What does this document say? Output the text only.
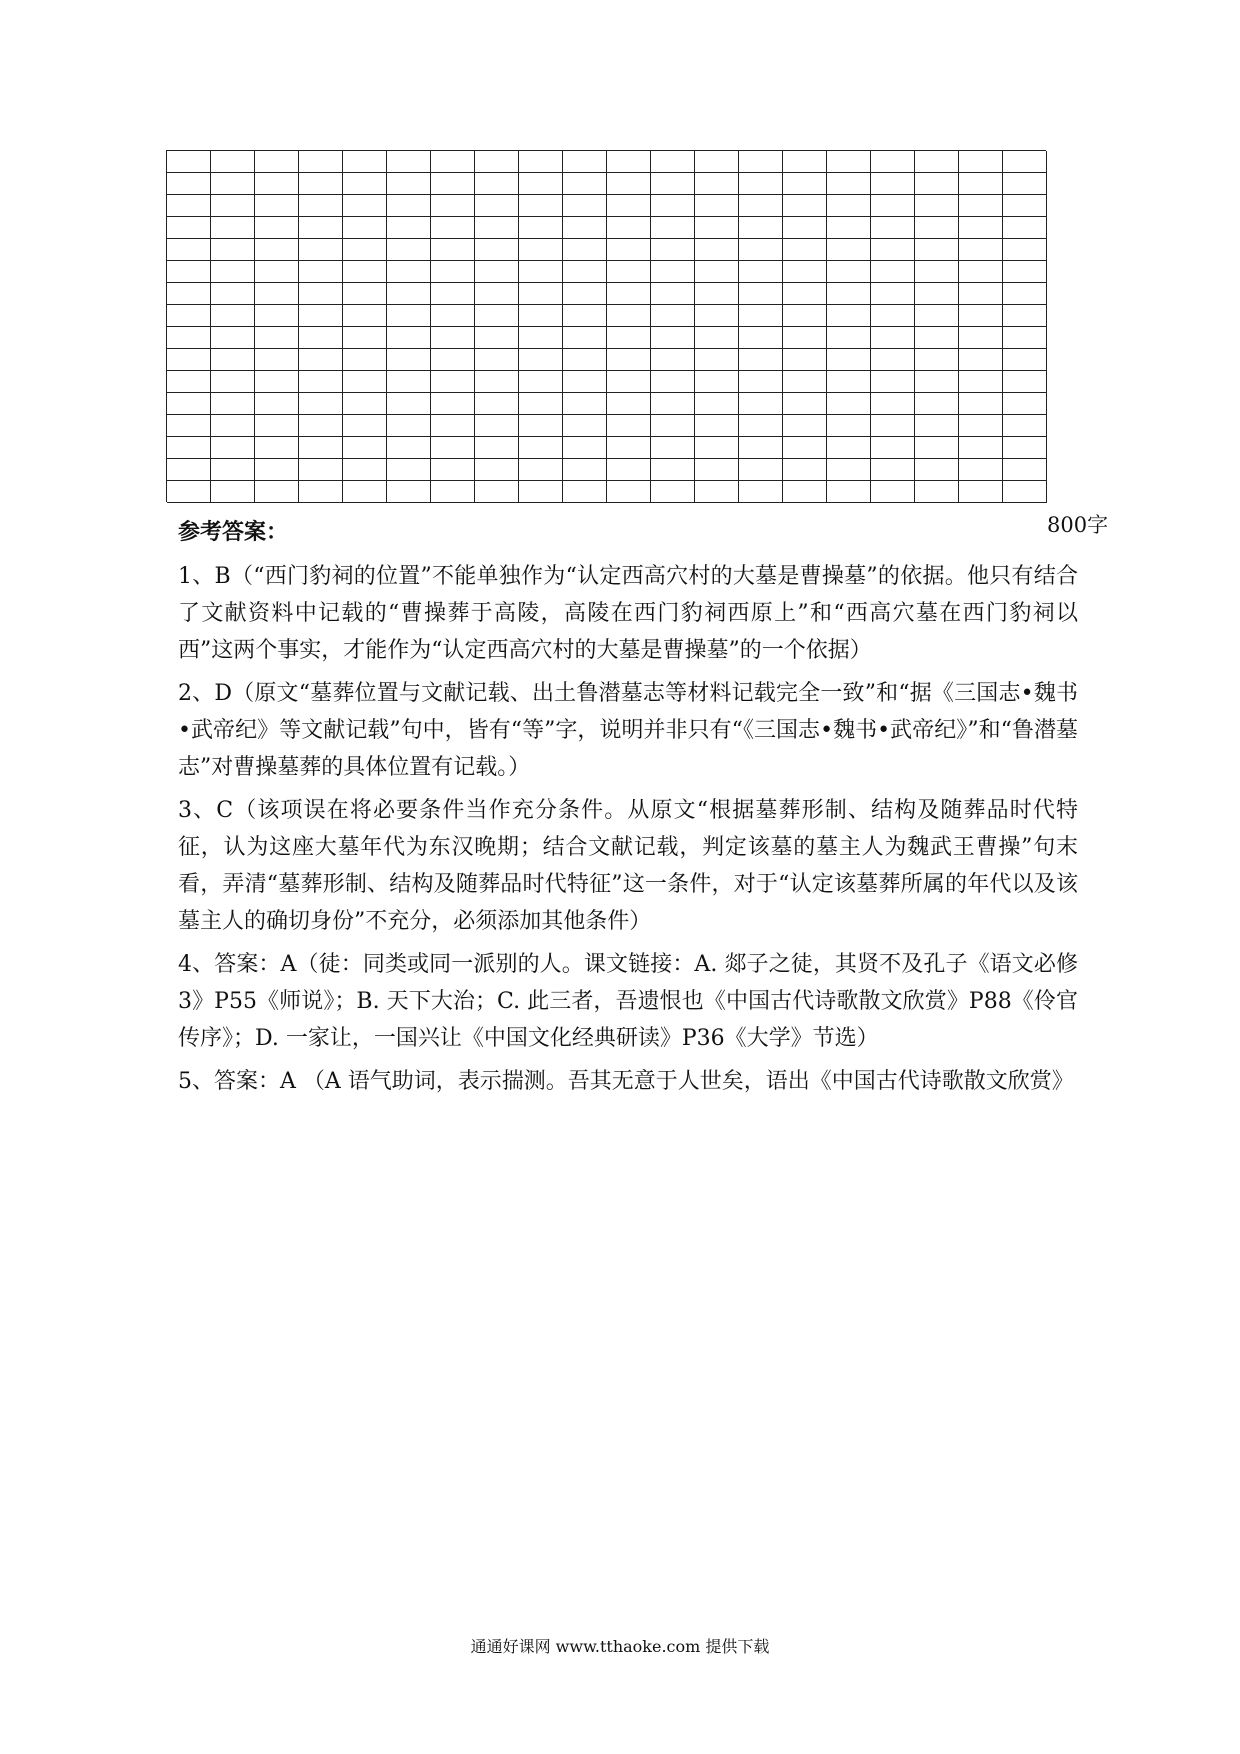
800字
参考答案：
1、B（“西门豹祠的位置”不能单独作为“认定西高穴村的大墓是曹操墓”的依据。他只有结合了文献资料中记载的“曹操葬于高陵，高陵在西门豹祠西原上”和“西高穴墓在西门豹祠以西”这两个事实，才能作为“认定西高穴村的大墓是曹操墓”的一个依据）
2、D（原文“墓葬位置与文献记载、出土鲁潜墓志等材料记载完全一致”和“据《三国志•魏书•武帝纪》等文献记载”句中，皆有“等”字，说明并非只有“《三国志•魏书•武帝纪》”和“鲁潜墓志”对曹操墓葬的具体位置有记载。）
3、C（该项误在将必要条件当作充分条件。从原文“根据墓葬形制、结构及随葬品时代特征，认为这座大墓年代为东汉晚期；结合文献记载，判定该墓的墓主人为魏武王曹操”句末看，弄清“墓葬形制、结构及随葬品时代特征”这一条件，对于“认定该墓葬所属的年代以及该墓主人的确切身份”不充分，必须添加其他条件）
4、答案：A（徒：同类或同一派别的人。课文链接：A. 郯子之徒，其贤不及孔子《语文必修3》P55《师说》；B. 天下大治；C. 此三者，吾遗恨也《中国古代诗歌散文欣赏》P88《伶官传序》；D. 一家让，一国兴让《中国文化经典研读》P36《大学》节选）
5、答案：A （A 语气助词，表示揣测。吾其无意于人世矣，语出《中国古代诗歌散文欣赏》
通通好课网 www.tthaoke.com 提供下载
